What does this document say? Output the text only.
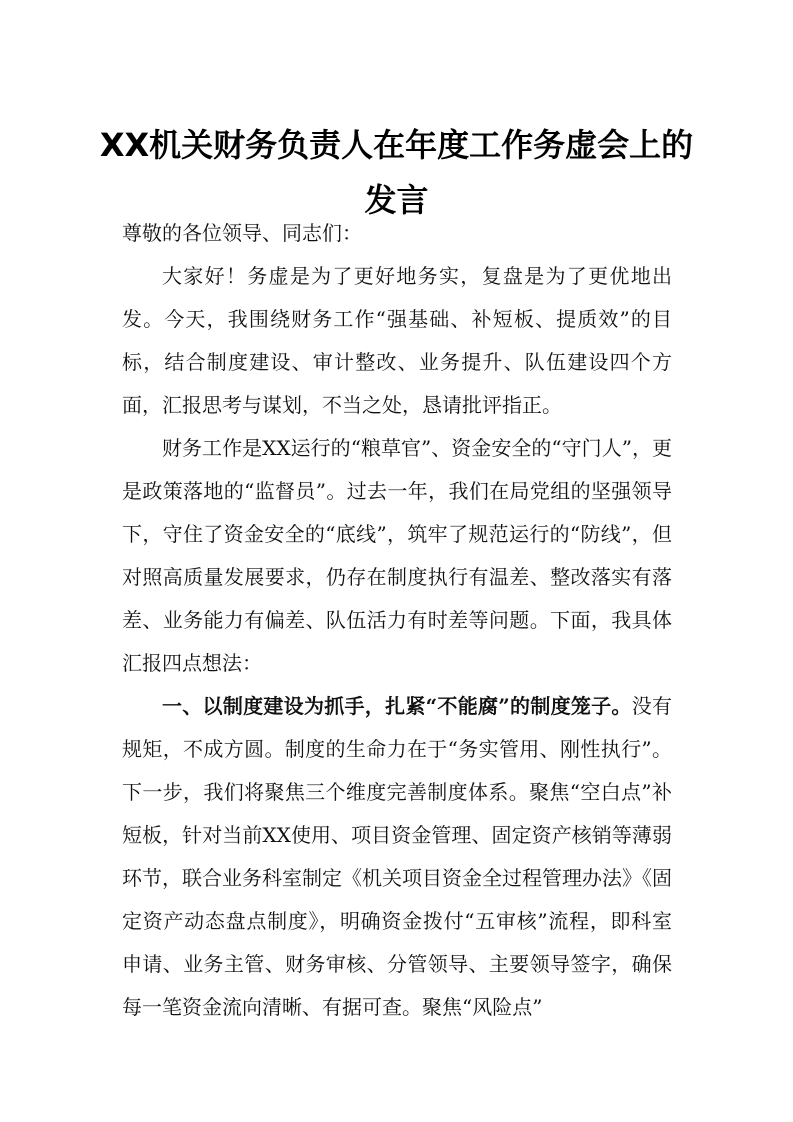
XX机关财务负责人在年度工作务虚会上的发言

尊敬的各位领导、同志们：

大家好！务虚是为了更好地务实，复盘是为了更优地出发。今天，我围绕财务工作“强基础、补短板、提质效”的目标，结合制度建设、审计整改、业务提升、队伍建设四个方面，汇报思考与谋划，不当之处，恳请批评指正。

财务工作是XX运行的“粮草官”、资金安全的“守门人”，更是政策落地的“监督员”。过去一年，我们在局党组的坚强领导下，守住了资金安全的“底线”，筑牢了规范运行的“防线”，但对照高质量发展要求，仍存在制度执行有温差、整改落实有落差、业务能力有偏差、队伍活力有时差等问题。下面，我具体汇报四点想法：

一、以制度建设为抓手，扎紧“不能腐”的制度笼子。没有规矩，不成方圆。制度的生命力在于“务实管用、刚性执行”。下一步，我们将聚焦三个维度完善制度体系。聚焦“空白点”补短板，针对当前XX使用、项目资金管理、固定资产核销等薄弱环节，联合业务科室制定《机关项目资金全过程管理办法》《固定资产动态盘点制度》，明确资金拨付“五审核”流程，即科室申请、业务主管、财务审核、分管领导、主要领导签字，确保每一笔资金流向清晰、有据可查。聚焦“风险点”
